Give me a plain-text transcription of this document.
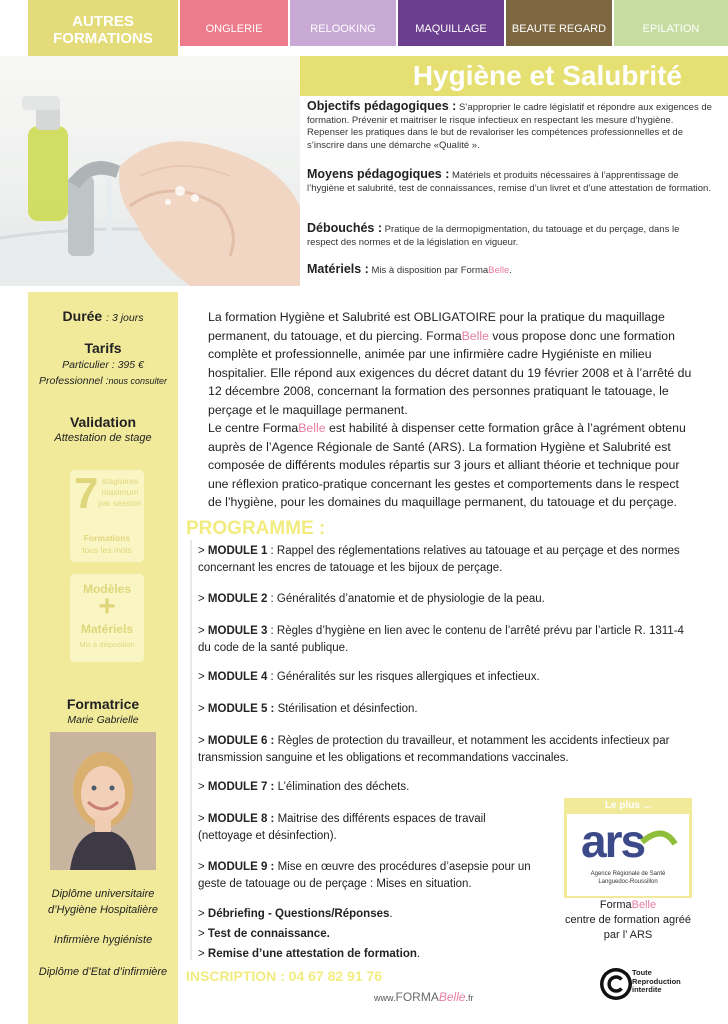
AUTRES FORMATIONS
ONGLERIE	RELOOKING	MAQUILLAGE	BEAUTE REGARD	EPILATION
Hygiène et Salubrité
Objectifs pédagogiques : S’approprier le cadre législatif et répondre aux exigences de formation. Prévenir et maitriser le risque infectieux en respectant les mesure d’hygiène. Repenser les pratiques dans le but de revaloriser les compétences professionnelles et de s’inscrire dans une démarche «Qualité ».
Moyens pédagogiques : Matériels et produits nécessaires à l’apprentissage de l’hygiène et salubrité, test de connaissances, remise d’un livret et d’une attestation de formation.
Débouchés : Pratique de la dermopigmentation, du tatouage et du perçage, dans le respect des normes et de la législation en vigueur.
Matériels : Mis à disposition par FormaBelle.
Durée : 3 jours
Tarifs
Particulier : 395 €
Professionnel :nous consulter
Validation
Attestation de stage
7 stagiaires
maximum
par session
Formations
tous les mois
Modèles
+
Matériels
Mis à disposition
Formatrice
Marie Gabrielle
Diplôme universitaire d’Hygiène Hospitalière
Infirmière hygiéniste
Diplôme d’Etat d’infirmière
La formation Hygiène et Salubrité est OBLIGATOIRE pour la pratique du maquillage permanent, du tatouage, et du piercing. FormaBelle vous propose donc une formation complète et professionnelle, animée par une infirmière cadre Hygiéniste en milieu hospitalier. Elle répond aux exigences du décret datant du 19 février 2008 et à l’arrêté du 12 décembre 2008, concernant la formation des personnes pratiquant le tatouage, le perçage et le maquillage permanent.
Le centre FormaBelle est habilité à dispenser cette formation grâce à l’agrément obtenu auprès de l’Agence Régionale de Santé (ARS). La formation Hygiène et Salubrité est composée de différents modules répartis sur 3 jours et alliant théorie et technique pour une réflexion pratico-pratique concernant les gestes et comportements dans le respect de l’hygiène, pour les domaines du maquillage permanent, du tatouage et du perçage.
PROGRAMME :
> MODULE 1 : Rappel des réglementations relatives au tatouage et au perçage et des normes concernant les encres de tatouage et les bijoux de perçage.
> MODULE 2 : Généralités d’anatomie et de physiologie de la peau.
> MODULE 3 : Règles d’hygiène en lien avec le contenu de l’arrêté prévu par l’article R. 1311-4 du code de la santé publique.
> MODULE 4 : Généralités sur les risques allergiques et infectieux.
> MODULE 5 : Stérilisation et désinfection.
> MODULE 6 : Règles de protection du travailleur, et notamment les accidents infectieux par transmission sanguine et les obligations et recommandations vaccinales.
> MODULE 7 : L’élimination des déchets.
> MODULE 8 : Maitrise des différents espaces de travail (nettoyage et désinfection).
> MODULE 9 : Mise en œuvre des procédures d’asepsie pour un geste de tatouage ou de perçage : Mises en situation.
> Débriefing - Questions/Réponses.
> Test de connaissance.
> Remise d’une attestation de formation.
INSCRIPTION : 04 67 82 91 76
www.FORMABelle.fr
Le plus ...
ars
Agence Régionale de Santé
Languedoc-Roussillon
FormaBelle
centre de formation agréé par l’ ARS
Toute
Reproduction
interdite
